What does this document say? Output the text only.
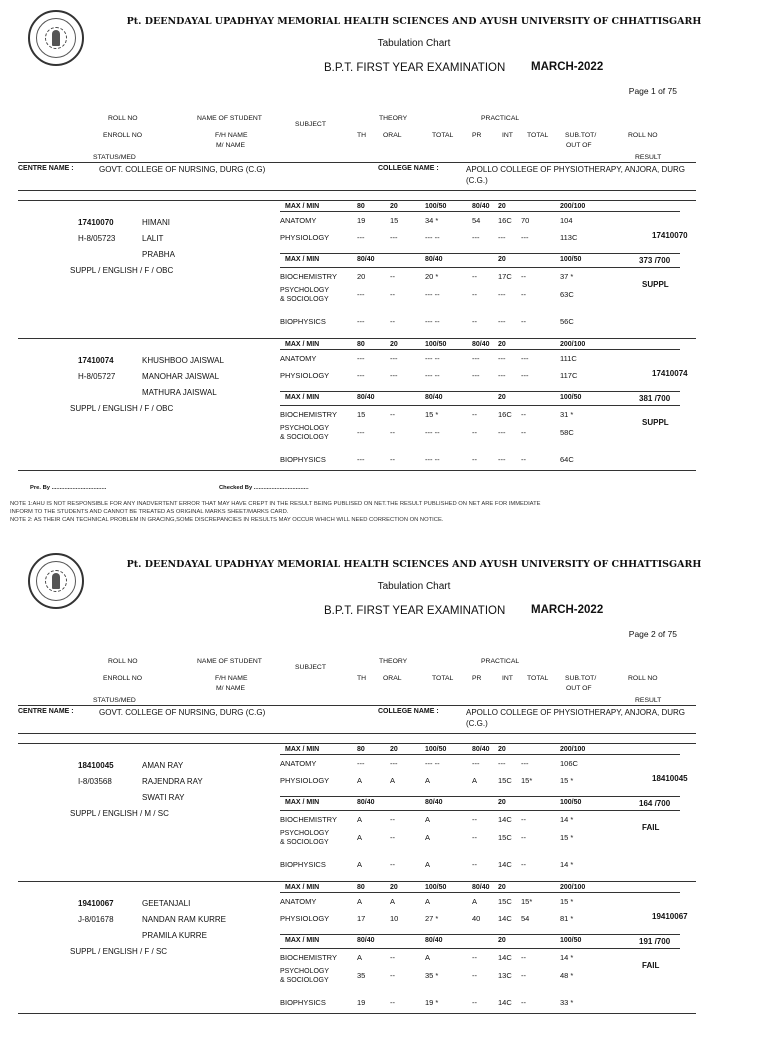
Pt. DEENDAYAL UPADHYAY MEMORIAL HEALTH SCIENCES AND AYUSH UNIVERSITY OF CHHATTISGARH
Tabulation Chart
B.P.T. FIRST YEAR EXAMINATION MARCH-2022
Page 1 of 75
ROLL NO	NAME OF STUDENT
SUBJECT
THEORY	PRACTICAL
ENROLL NO	F/H NAME
M/ NAME
TH ORAL	TOTAL	PR	INT TOTAL SUB.TOT/
OUT OF
ROLL NO
STATUS/MED	RESULT
CENTRE NAME :	GOVT. COLLEGE OF NURSING, DURG (C.G)	COLLEGE NAME :	APOLLO COLLEGE OF PHYSIOTHERAPY, ANJORA, DURG
(C.G.)
17410070	HIMANI
H-8/05723	LALIT
PRABHA
SUPPL / ENGLISH / F / OBC
MAX / MIN	80	20	100/50	80/40 20	200/100
ANATOMY	19	15	34 *	54 16C 70	104
PHYSIOLOGY	---	---	--- --	--- --- ---	113C
MAX / MIN	80/40	80/40	20	100/50
BIOCHEMISTRY	20	--	20 *	--	17C --	37 *
PSYCHOLOGY
& SOCIOLOGY
---	--	--- --	--	--- --	63C
BIOPHYSICS	---	--	--- --	--	--- --	56C
17410070
373 /700
SUPPL
17410074	KHUSHBOO JAISWAL
H-8/05727	MANOHAR JAISWAL
MATHURA JAISWAL
SUPPL / ENGLISH / F / OBC
MAX / MIN	80	20	100/50	80/40 20	200/100
ANATOMY	---	---	--- --	--- --- ---	111C
PHYSIOLOGY	---	---	--- --	--- --- ---	117C
MAX / MIN	80/40	80/40	20	100/50
BIOCHEMISTRY	15	--	15 *	--	16C --	31 *
PSYCHOLOGY
& SOCIOLOGY
---	--	--- --	--	--- --	58C
BIOPHYSICS	---	--	--- --	--	--- --	64C
17410074
381 /700
SUPPL
Pre. By ..................................	Checked By ..................................
NOTE 1:AHU IS NOT RESPONSIBLE FOR ANY INADVERTENT ERROR THAT MAY HAVE CREPT IN THE RESULT BEING PUBLISED ON NET.THE RESULT PUBLISHED ON NET ARE FOR IMMEDIATE
INFORM TO THE STUDENTS AND CANNOT BE TREATED AS ORIGINAL MARKS SHEET/MARKS CARD.
NOTE 2: AS THEIR CAN TECHNICAL PROBLEM IN GRACING,SOME DISCREPANCIES IN RESULTS MAY OCCUR WHICH WILL NEED CORRECTION ON NOTICE.
Pt. DEENDAYAL UPADHYAY MEMORIAL HEALTH SCIENCES AND AYUSH UNIVERSITY OF CHHATTISGARH
Tabulation Chart
B.P.T. FIRST YEAR EXAMINATION MARCH-2022
Page 2 of 75
ROLL NO	NAME OF STUDENT
SUBJECT
THEORY	PRACTICAL
ENROLL NO	F/H NAME
M/ NAME
TH ORAL	TOTAL	PR	INT TOTAL SUB.TOT/
OUT OF
ROLL NO
STATUS/MED	RESULT
CENTRE NAME :	GOVT. COLLEGE OF NURSING, DURG (C.G)	COLLEGE NAME :	APOLLO COLLEGE OF PHYSIOTHERAPY, ANJORA, DURG
(C.G.)
18410045	AMAN RAY
I-8/03568	RAJENDRA RAY
SWATI RAY
SUPPL / ENGLISH / M / SC
MAX / MIN	80	20	100/50	80/40 20	200/100
ANATOMY	---	---	--- --	--- --- ---	106C
PHYSIOLOGY	A	A	A	A	15C 15*	15 *
MAX / MIN	80/40	80/40	20	100/50
BIOCHEMISTRY	A	--	A	--	14C --	14 *
PSYCHOLOGY
& SOCIOLOGY
A	--	A	--	15C --	15 *
BIOPHYSICS	A	--	A	--	14C --	14 *
18410045
164 /700
FAIL
19410067	GEETANJALI
J-8/01678	NANDAN RAM KURRE
PRAMILA KURRE
SUPPL / ENGLISH / F / SC
MAX / MIN	80	20	100/50	80/40 20	200/100
ANATOMY	A	A	A	A	15C 15*	15 *
PHYSIOLOGY	17	10	27 *	40 14C 54	81 *
MAX / MIN	80/40	80/40	20	100/50
BIOCHEMISTRY	A	--	A	--	14C --	14 *
PSYCHOLOGY
& SOCIOLOGY
35	--	35 *	--	13C --	48 *
BIOPHYSICS	19	--	19 *	--	14C --	33 *
19410067
191 /700
FAIL
